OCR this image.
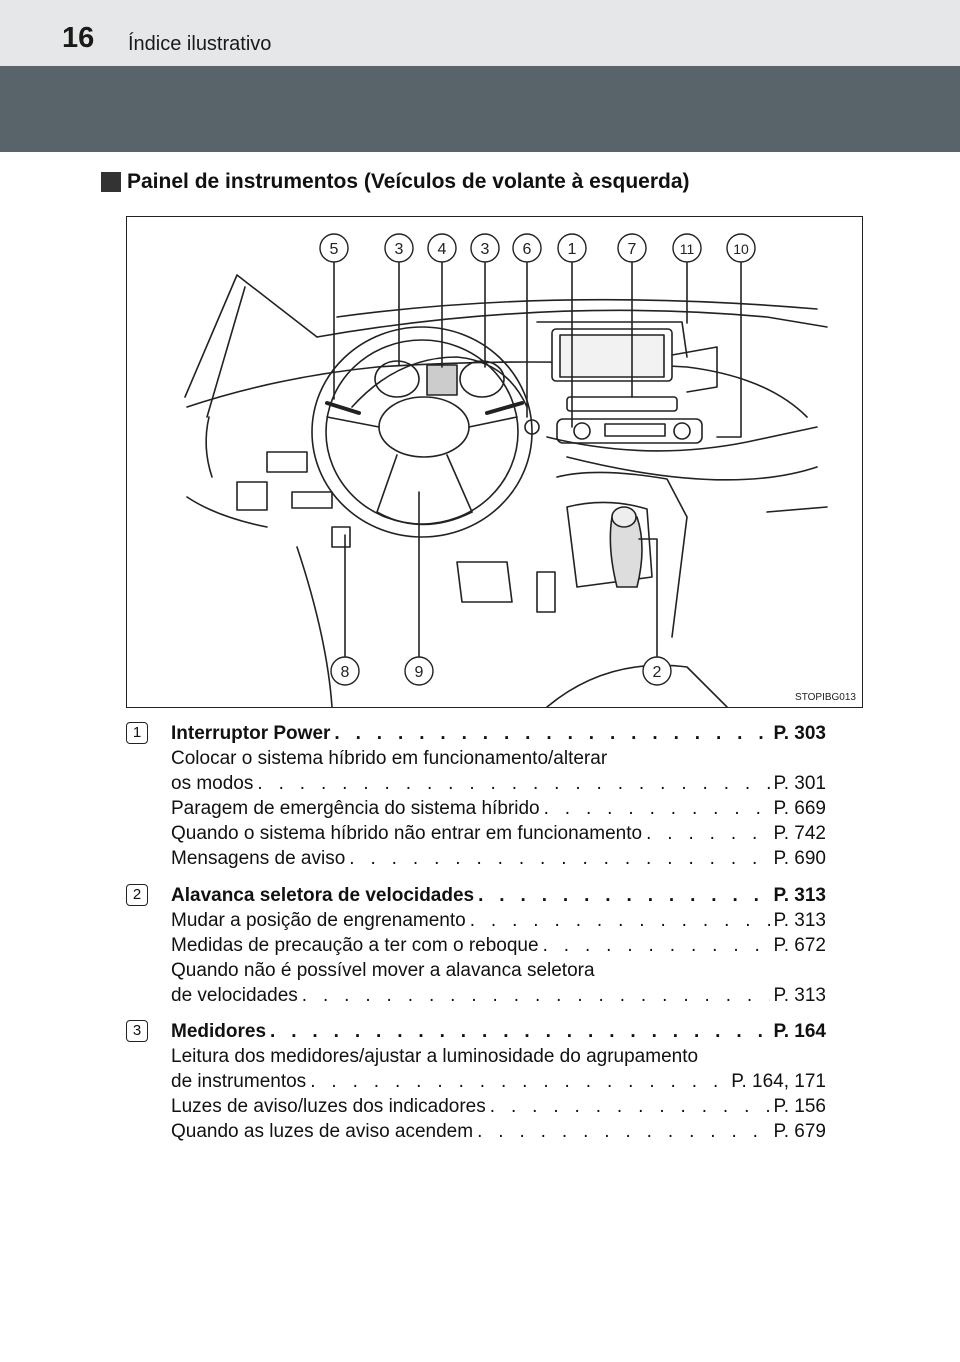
16 Índice ilustrativo
Painel de instrumentos (Veículos de volante à esquerda)
5	3 4 3 6 1	7	11	10
8	9	2
STOPIBG013
1	Interruptor Power . . .	P. 303
Colocar o sistema híbrido em funcionamento/alterar
os modos . . .	P. 301
Paragem de emergência do sistema híbrido . . .	P. 669
Quando o sistema híbrido não entrar em funcionamento . . .	P. 742
Mensagens de aviso . . .	P. 690
2	Alavanca seletora de velocidades . . .	P. 313
Mudar a posição de engrenamento . . .	P. 313
Medidas de precaução a ter com o reboque . . .	P. 672
Quando não é possível mover a alavanca seletora
de velocidades . . .	P. 313
3	Medidores . . .	P. 164
Leitura dos medidores/ajustar a luminosidade do agrupamento
de instrumentos . . .	P. 164, 171
Luzes de aviso/luzes dos indicadores . . .	P. 156
Quando as luzes de aviso acendem . . .	P. 679
